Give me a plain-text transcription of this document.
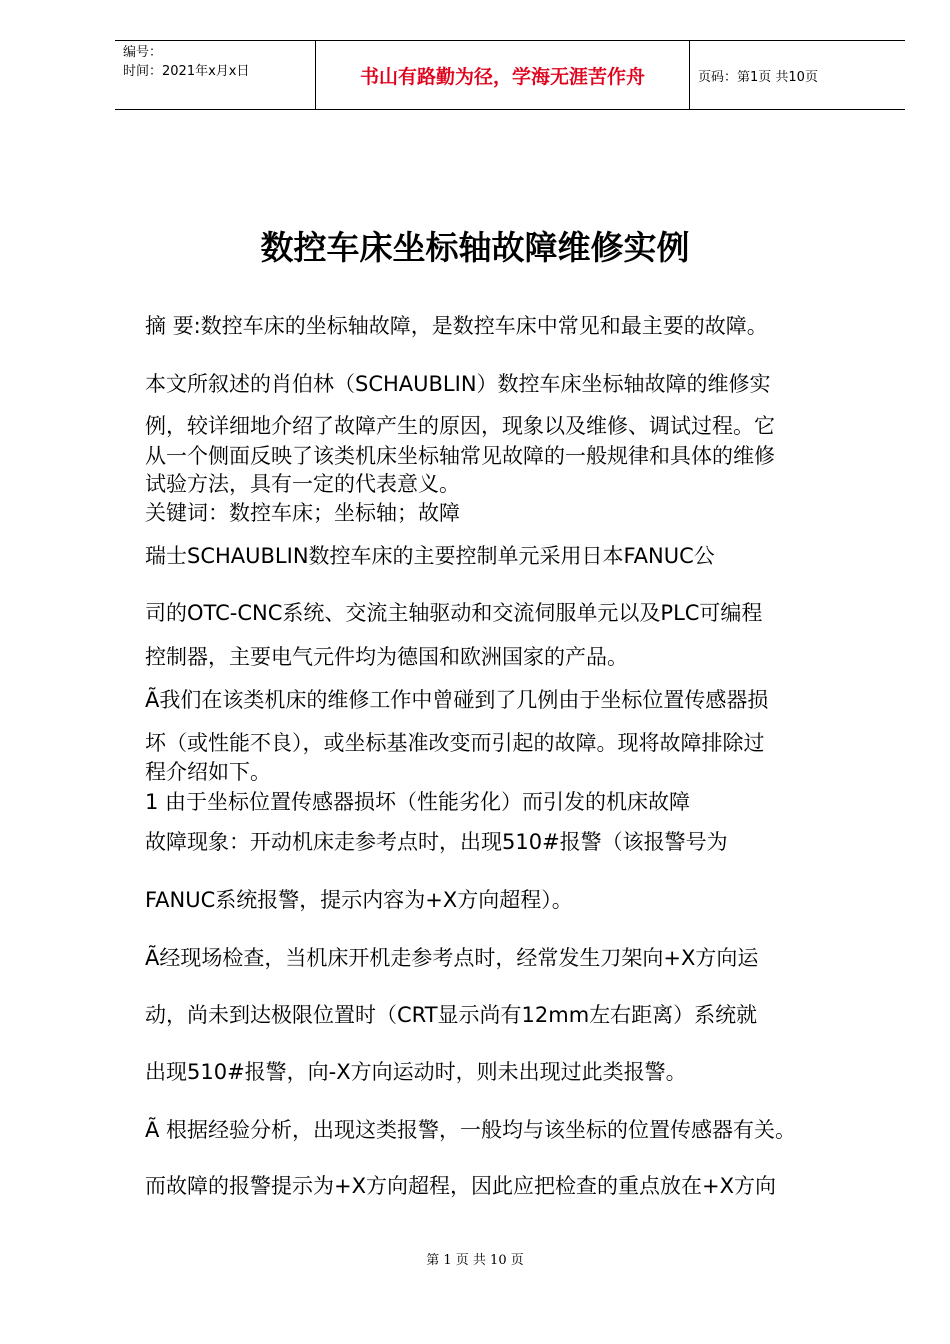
编号：
时间：2021年x月x日	书山有路勤为径，学海无涯苦作舟	页码：第1页 共10页
数控车床坐标轴故障维修实例
摘 要:数控车床的坐标轴故障，是数控车床中常见和最主要的故障。
本文所叙述的肖伯林（SCHAUBLIN）数控车床坐标轴故障的维修实
例，较详细地介绍了故障产生的原因，现象以及维修、调试过程。它
从一个侧面反映了该类机床坐标轴常见故障的一般规律和具体的维修
试验方法，具有一定的代表意义。
关键词：数控车床；坐标轴；故障
瑞士SCHAUBLIN数控车床的主要控制单元采用日本FANUC公
司的OTC-CNC系统、交流主轴驱动和交流伺服单元以及PLC可编程
控制器，主要电气元件均为德国和欧洲国家的产品。
Ã我们在该类机床的维修工作中曾碰到了几例由于坐标位置传感器损
坏（或性能不良），或坐标基准改变而引起的故障。现将故障排除过
程介绍如下。
1 由于坐标位置传感器损坏（性能劣化）而引发的机床故障
故障现象：开动机床走参考点时，出现510#报警（该报警号为
FANUC系统报警，提示内容为+X方向超程）。
Ã经现场检查，当机床开机走参考点时，经常发生刀架向+X方向运
动，尚未到达极限位置时（CRT显示尚有12mm左右距离）系统就
出现510#报警，向-X方向运动时，则未出现过此类报警。
Ã 根据经验分析，出现这类报警，一般均与该坐标的位置传感器有关。
而故障的报警提示为+X方向超程，因此应把检查的重点放在+X方向
第 1 页 共 10 页
